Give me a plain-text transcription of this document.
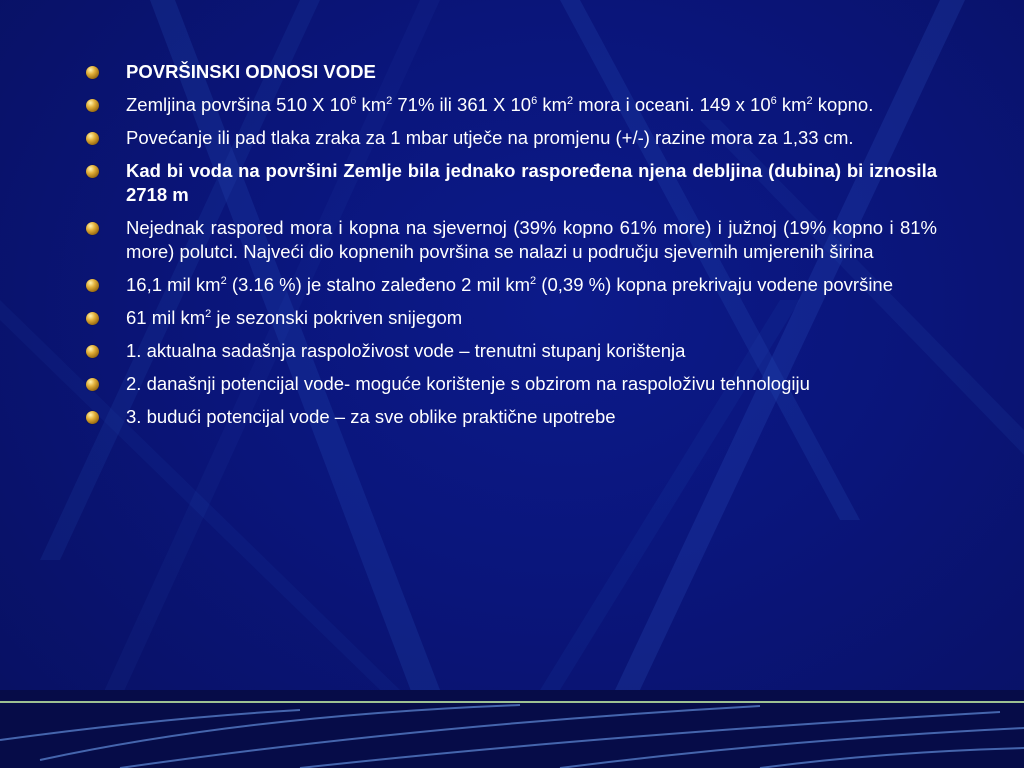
POVRŠINSKI ODNOSI VODE
Zemljina površina 510 X $10^6$ $km^2$ 71% ili 361 X $10^6$ $km^2$ mora i oceani. 149 x $10^6$ $km^2$ kopno.
Povećanje ili pad tlaka zraka za 1 mbar utječe na promjenu (+/-) razine mora za 1,33 cm.
Kad bi voda na površini Zemlje bila jednako raspoređena njena debljina (dubina) bi iznosila 2718 m
Nejednak raspored mora i kopna na sjevernoj (39% kopno 61% more) i južnoj (19% kopno i 81% more) polutci. Najveći dio kopnenih površina se nalazi u području sjevernih umjerenih širina
16,1 mil $km^2$ (3.16 %) je stalno zaleđeno 2 mil $km^2$ (0,39 %) kopna prekrivaju vodene površine
61 mil $km^2$ je sezonski pokriven snijegom
1. aktualna sadašnja raspoloživost vode – trenutni stupanj korištenja
2. današnji potencijal vode- moguće korištenje s obzirom na raspoloživu tehnologiju
3. budući potencijal vode – za sve oblike praktične upotrebe
